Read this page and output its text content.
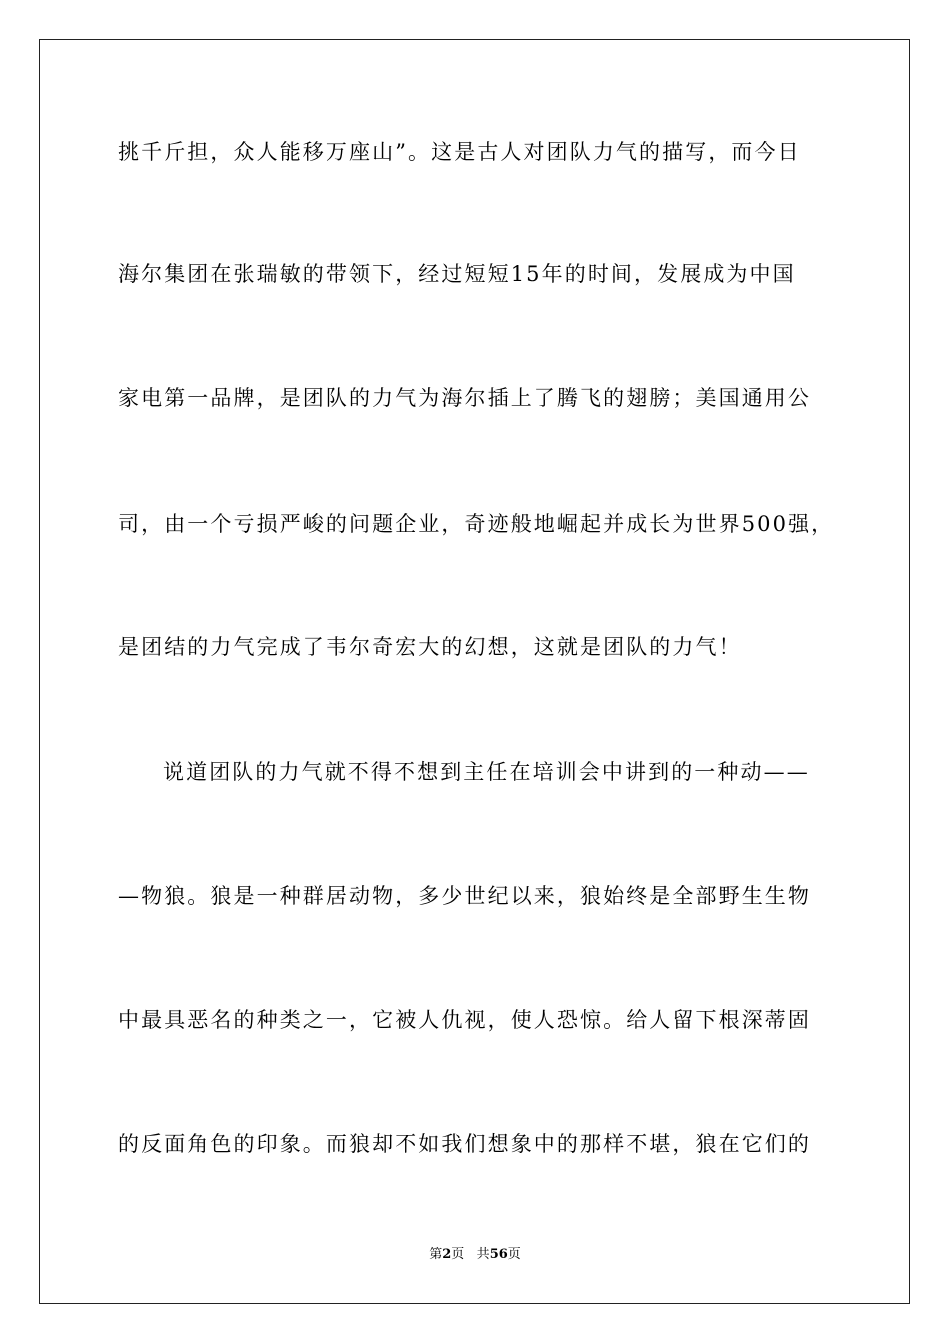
挑千斤担，众人能移万座山”。这是古人对团队力气的描写，而今日
海尔集团在张瑞敏的带领下，经过短短15年的时间，发展成为中国
家电第一品牌，是团队的力气为海尔插上了腾飞的翅膀；美国通用公
司，由一个亏损严峻的问题企业，奇迹般地崛起并成长为世界500强，
是团结的力气完成了韦尔奇宏大的幻想，这就是团队的力气！
说道团队的力气就不得不想到主任在培训会中讲到的一种动——
—物狼。狼是一种群居动物，多少世纪以来，狼始终是全部野生生物
中最具恶名的种类之一，它被人仇视，使人恐惊。给人留下根深蒂固
的反面角色的印象。而狼却不如我们想象中的那样不堪，狼在它们的
第2页 共56页
